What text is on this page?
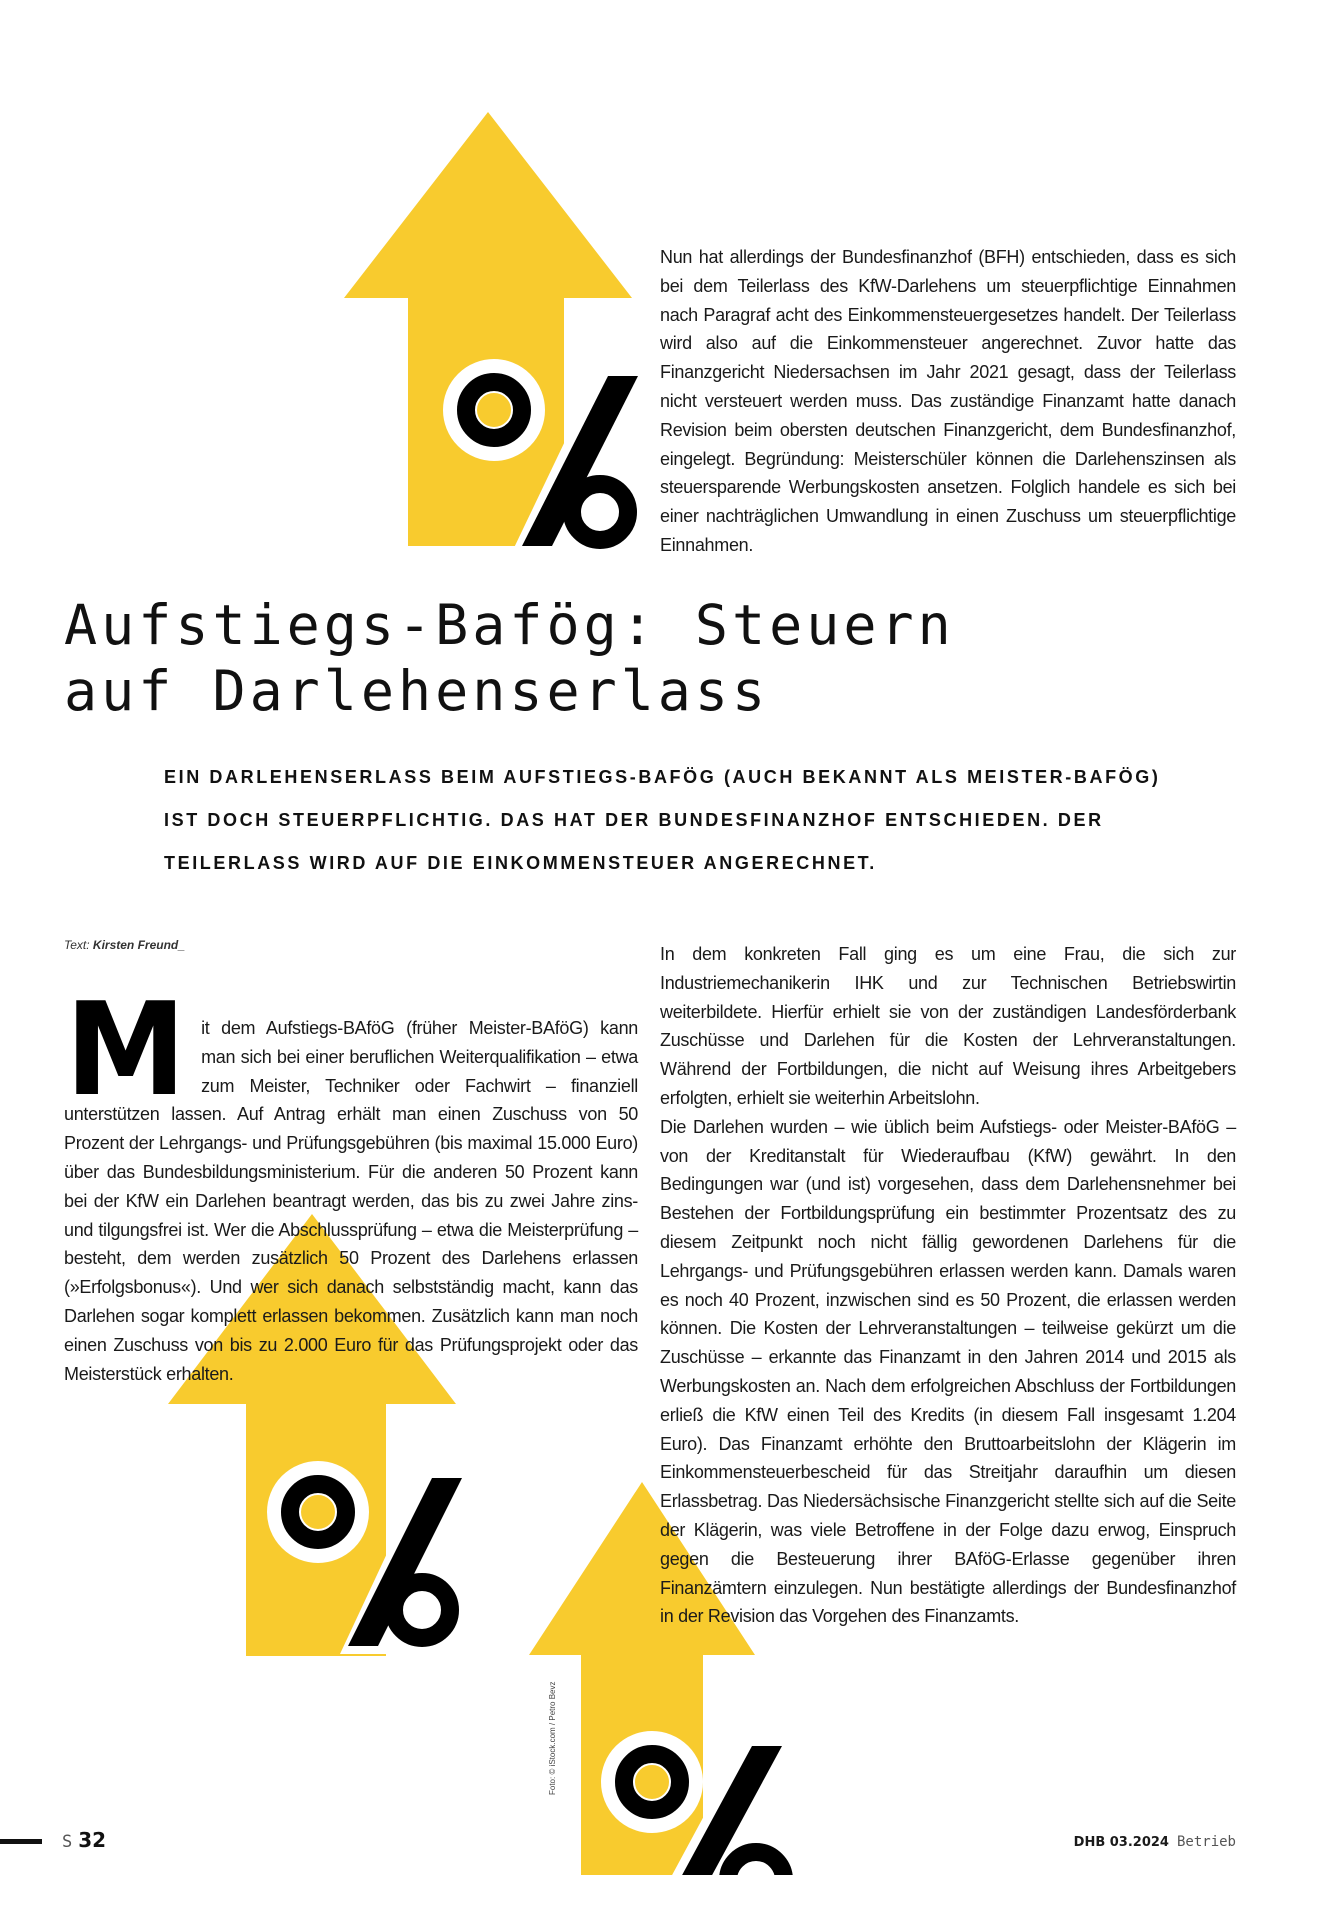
Nun hat allerdings der Bundesfinanzhof (BFH) entschieden, dass es sich bei dem Teilerlass des KfW-Darlehens um steuerpflichtige Einnahmen nach Paragraf acht des Einkommensteuergesetzes handelt. Der Teilerlass wird also auf die Einkommensteuer angerechnet. Zuvor hatte das Finanzgericht Niedersachsen im Jahr 2021 gesagt, dass der Teilerlass nicht versteuert werden muss. Das zuständige Finanzamt hatte danach Revision beim obersten deutschen Finanzgericht, dem Bundesfinanzhof, eingelegt. Begründung: Meisterschüler können die Darlehenszinsen als steuersparende Werbungskosten ansetzen. Folglich handele es sich bei einer nachträglichen Umwandlung in einen Zuschuss um steuerpflichtige Einnahmen.

Aufstiegs-Bafög: Steuern
auf Darlehenserlass
EIN DARLEHENSERLASS BEIM AUFSTIEGS-BAFÖG (AUCH BEKANNT ALS MEISTER-BAFÖG)
IST DOCH STEUERPFLICHTIG. DAS HAT DER BUNDESFINANZHOF ENTSCHIEDEN. DER
TEILERLASS WIRD AUF DIE EINKOMMENSTEUER ANGERECHNET.
Text: Kirsten Freund_
M it dem Aufstiegs-BAföG (früher Meister-BAföG) kann man sich bei einer beruflichen Weiterqualifikation – etwa zum Meister, Techniker oder Fachwirt – finanziell unterstützen lassen. Auf Antrag erhält man einen Zuschuss von 50 Prozent der Lehrgangs- und Prüfungsgebühren (bis maximal 15.000 Euro) über das Bundesbildungsministerium. Für die anderen 50 Prozent kann bei der KfW ein Darlehen beantragt werden, das bis zu zwei Jahre zins- und tilgungsfrei ist. Wer die Abschlussprüfung – etwa die Meisterprüfung – besteht, dem werden zusätzlich 50 Prozent des Darlehens erlassen (»Erfolgsbonus«). Und wer sich danach selbstständig macht, kann das Darlehen sogar komplett erlassen bekommen. Zusätzlich kann man noch einen Zuschuss von bis zu 2.000 Euro für das Prüfungsprojekt oder das Meisterstück erhalten.

In dem konkreten Fall ging es um eine Frau, die sich zur Industriemechanikerin IHK und zur Technischen Betriebswirtin weiterbildete. Hierfür erhielt sie von der zuständigen Landesförderbank Zuschüsse und Darlehen für die Kosten der Lehrveranstaltungen. Während der Fortbildungen, die nicht auf Weisung ihres Arbeitgebers erfolgten, erhielt sie weiterhin Arbeitslohn.

Die Darlehen wurden – wie üblich beim Aufstiegs- oder Meister-BAföG – von der Kreditanstalt für Wiederaufbau (KfW) gewährt. In den Bedingungen war (und ist) vorgesehen, dass dem Darlehensnehmer bei Bestehen der Fortbildungsprüfung ein bestimmter Prozentsatz des zu diesem Zeitpunkt noch nicht fällig gewordenen Darlehens für die Lehrgangs- und Prüfungsgebühren erlassen werden kann. Damals waren es noch 40 Prozent, inzwischen sind es 50 Prozent, die erlassen werden können. Die Kosten der Lehrveranstaltungen – teilweise gekürzt um die Zuschüsse – erkannte das Finanzamt in den Jahren 2014 und 2015 als Werbungskosten an. Nach dem erfolgreichen Abschluss der Fortbildungen erließ die KfW einen Teil des Kredits (in diesem Fall insgesamt 1.204 Euro). Das Finanzamt erhöhte den Bruttoarbeitslohn der Klägerin im Einkommensteuerbescheid für das Streitjahr daraufhin um diesen Erlassbetrag. Das Niedersächsische Finanzgericht stellte sich auf die Seite der Klägerin, was viele Betroffene in der Folge dazu erwog, Einspruch gegen die Besteuerung ihrer BAföG-Erlasse gegenüber ihren Finanzämtern einzulegen. Nun bestätigte allerdings der Bundesfinanzhof in der Revision das Vorgehen des Finanzamts.

Foto: © iStock.com / Petro Bevz
S 32	DHB 03.2024 Betrieb
